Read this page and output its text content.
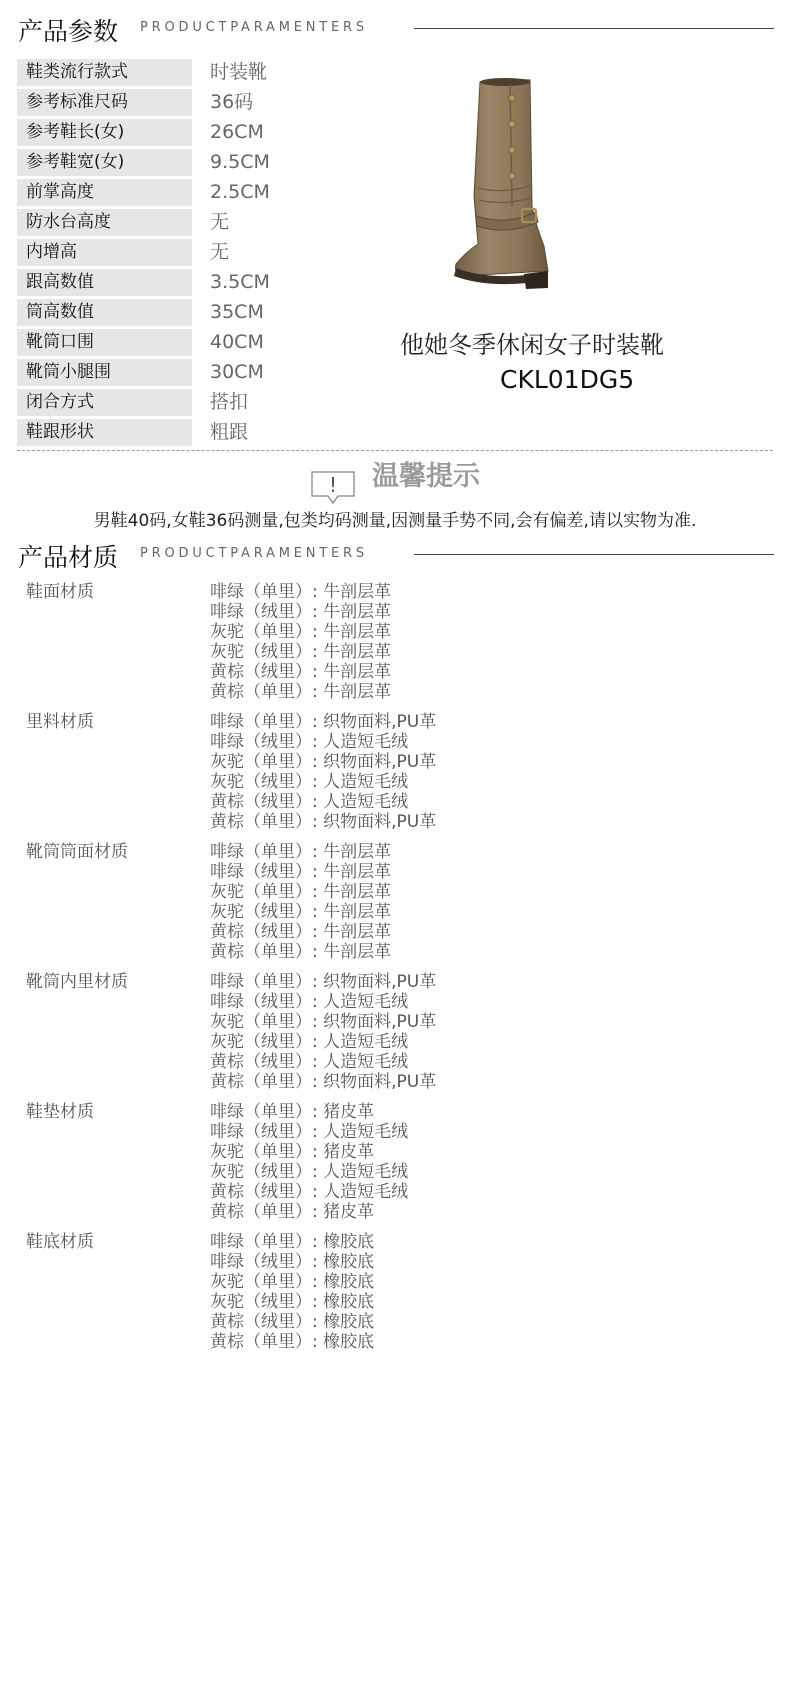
产品参数 PRODUCTPARAMENTERS
鞋类流行款式	时装靴
参考标准尺码	36码
参考鞋长(女)	26CM
参考鞋宽(女)	9.5CM
前掌高度	2.5CM
防水台高度	无
内增高	无
跟高数值	3.5CM
筒高数值	35CM
靴筒口围	40CM
靴筒小腿围	30CM
闭合方式	搭扣
鞋跟形状	粗跟
他她冬季休闲女子时装靴
CKL01DG5
! 温馨提示
男鞋40码,女鞋36码测量,包类均码测量,因测量手势不同,会有偏差,请以实物为准.
产品材质 PRODUCTPARAMENTERS
鞋面材质	啡绿（单里）: 牛剖层革
啡绿（绒里）: 牛剖层革
灰驼（单里）: 牛剖层革
灰驼（绒里）: 牛剖层革
黄棕（绒里）: 牛剖层革
黄棕（单里）: 牛剖层革
里料材质	啡绿（单里）: 织物面料,PU革
啡绿（绒里）: 人造短毛绒
灰驼（单里）: 织物面料,PU革
灰驼（绒里）: 人造短毛绒
黄棕（绒里）: 人造短毛绒
黄棕（单里）: 织物面料,PU革
靴筒筒面材质	啡绿（单里）: 牛剖层革
啡绿（绒里）: 牛剖层革
灰驼（单里）: 牛剖层革
灰驼（绒里）: 牛剖层革
黄棕（绒里）: 牛剖层革
黄棕（单里）: 牛剖层革
靴筒内里材质	啡绿（单里）: 织物面料,PU革
啡绿（绒里）: 人造短毛绒
灰驼（单里）: 织物面料,PU革
灰驼（绒里）: 人造短毛绒
黄棕（绒里）: 人造短毛绒
黄棕（单里）: 织物面料,PU革
鞋垫材质	啡绿（单里）: 猪皮革
啡绿（绒里）: 人造短毛绒
灰驼（单里）: 猪皮革
灰驼（绒里）: 人造短毛绒
黄棕（绒里）: 人造短毛绒
黄棕（单里）: 猪皮革
鞋底材质	啡绿（单里）: 橡胶底
啡绿（绒里）: 橡胶底
灰驼（单里）: 橡胶底
灰驼（绒里）: 橡胶底
黄棕（绒里）: 橡胶底
黄棕（单里）: 橡胶底
